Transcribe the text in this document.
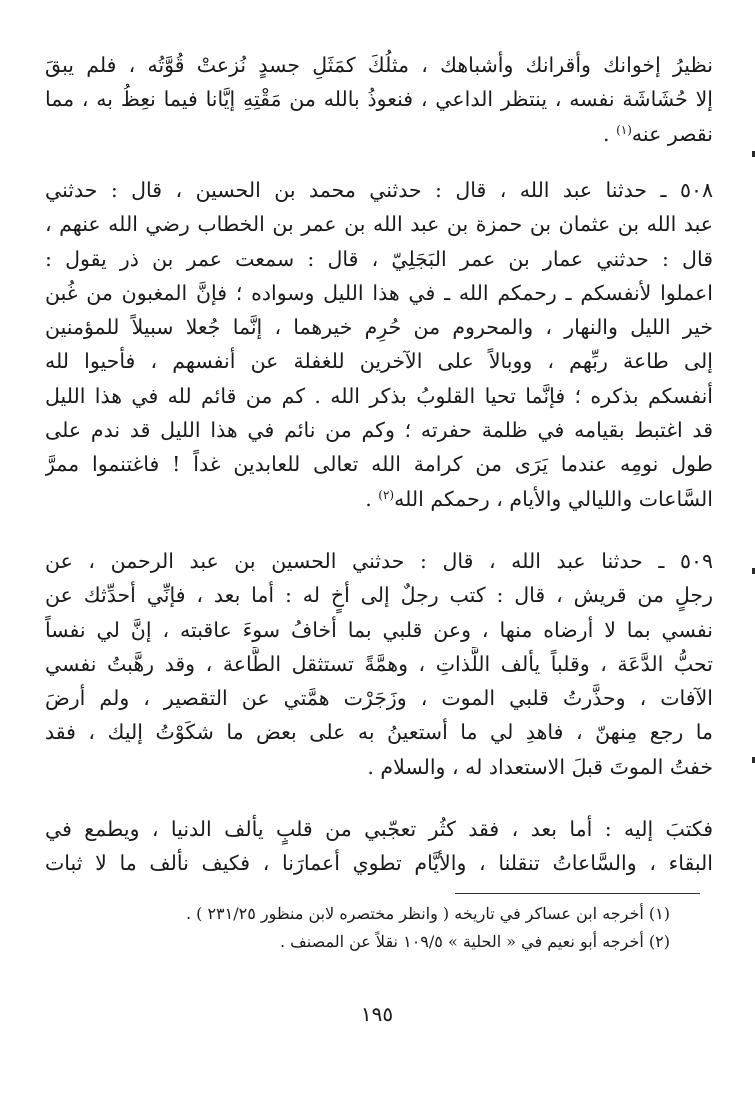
نظيرُ إخوانك وأقرانك وأشباهك ، مثلُكَ كمَثَلِ جسدٍ نُزعتْ قُوَّتُه ، فلم يبقَ
إلا حُشَاشَة نفسه ، ينتظر الداعي ، فنعوذُ بالله من مَقْتِهِ إيَّانا فيما نعِظُ به ، مما
نقصر عنه$^{(١)}$ .
٥٠٨ ـ حدثنا عبد الله ، قال : حدثني محمد بن الحسين ، قال : حدثني
عبد الله بن عثمان بن حمزة بن عبد الله بن عمر بن الخطاب رضي الله عنهم ،
قال : حدثني عمار بن عمر البَجَلِيّ ، قال : سمعت عمر بن ذر يقول :
اعملوا لأنفسكم ـ رحمكم الله ـ في هذا الليل وسواده ؛ فإنَّ المغبون من غُبن
خير الليل والنهار ، والمحروم من حُرِم خيرهما ، إنَّما جُعلا سبيلاً للمؤمنين
إلى طاعة ربِّهم ، ووبالاً على الآخرين للغفلة عن أنفسهم ، فأحيوا لله
أنفسكم بذكره ؛ فإنَّما تحيا القلوبُ بذكر الله . كم من قائم لله في هذا الليل
قد اغتبط بقيامه في ظلمة حفرته ؛ وكم من نائم في هذا الليل قد ندم على
طول نومِه عندما يَرَى من كرامة الله تعالى للعابدين غداً ! فاغتنموا ممرَّ
السَّاعات والليالي والأيام ، رحمكم الله$^{(٢)}$ .
٥٠٩ ـ حدثنا عبد الله ، قال : حدثني الحسين بن عبد الرحمن ، عن
رجلٍ من قريش ، قال : كتب رجلٌ إلى أخٍ له : أما بعد ، فإنِّي أحدِّثك عن
نفسي بما لا أرضاه منها ، وعن قلبي بما أخافُ سوءَ عاقبته ، إنَّ لي نفساً
تحبُّ الدَّعَة ، وقلباً يألف اللَّذاتِ ، وهمَّةً تستثقل الطَّاعة ، وقد رهَّبتُ نفسي
الآفات ، وحذَّرتُ قلبي الموت ، وزَجَرْت همَّتي عن التقصير ، ولم أرضَ
ما رجع مِنهنّ ، فاهدِ لي ما أستعينُ به على بعض ما شكَوْتُ إليك ، فقد
خفتُ الموتَ قبلَ الاستعداد له ، والسلام .
فكتبَ إليه : أما بعد ، فقد كثُر تعجّبي من قلبٍ يألف الدنيا ، ويطمع في
البقاء ، والسَّاعاتُ تنقلنا ، والأيَّام تطوي أعمارَنا ، فكيف نألف ما لا ثبات
(١) أخرجه ابن عساكر في تاريخه ( وانظر مختصره لابن منظور ٢٣١/٢٥ ) .
(٢) أخرجه أبو نعيم في « الحلية » ١٠٩/٥ نقلاً عن المصنف .
١٩٥
